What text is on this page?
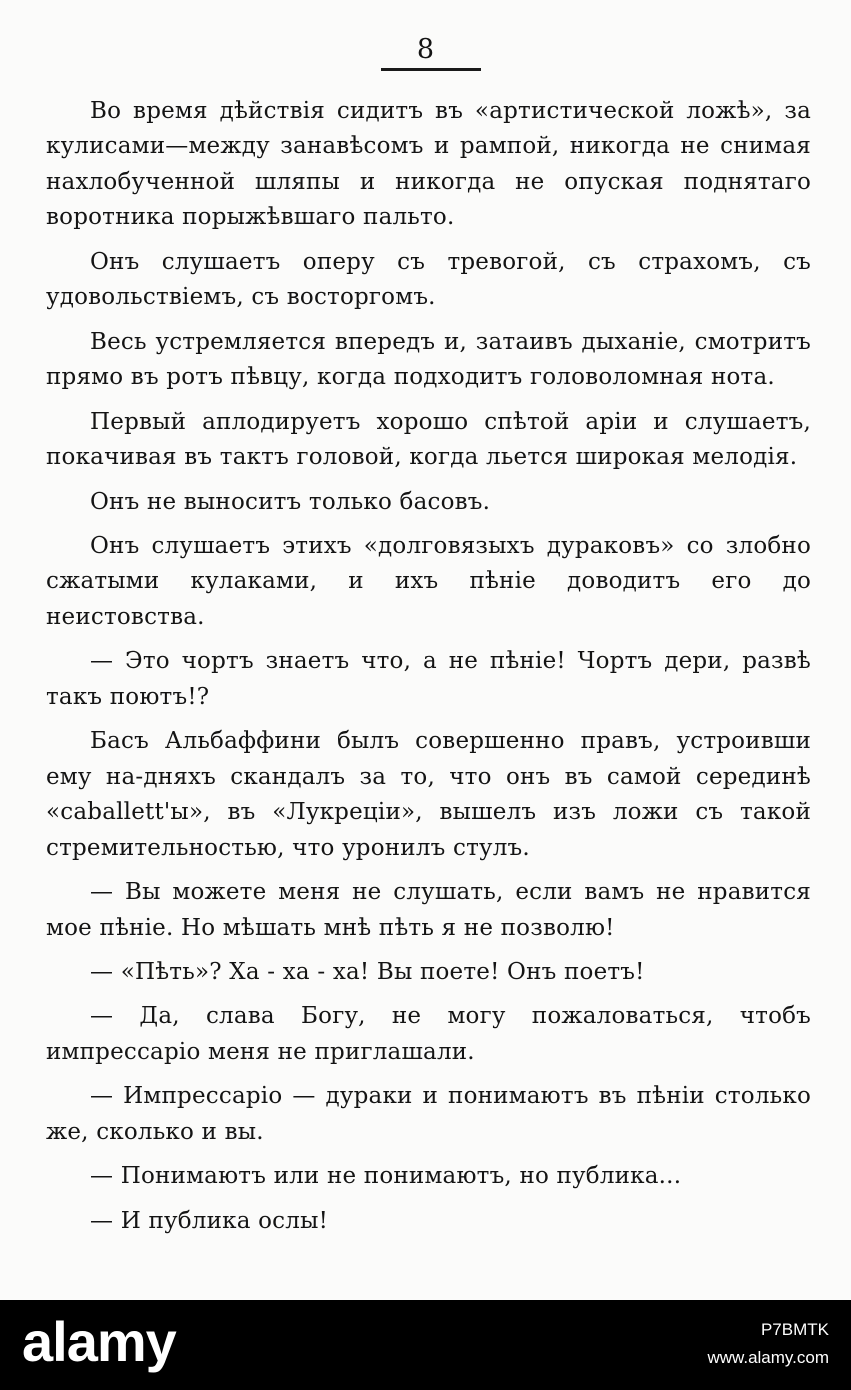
8

Во время дѣйствія сидитъ въ «артистической ложѣ», за кулисами—между занавѣсомъ и рампой, никогда не снимая нахлобученной шляпы и никогда не опуская поднятаго воротника порыжѣвшаго пальто.

Онъ слушаетъ оперу съ тревогой, съ страхомъ, съ удовольствіемъ, съ восторгомъ.

Весь устремляется впередъ и, затаивъ дыханіе, смотритъ прямо въ ротъ пѣвцу, когда подходитъ головоломная нота.

Первый аплодируетъ хорошо спѣтой аріи и слушаетъ, покачивая въ тактъ головой, когда льется широкая мелодія.

Онъ не выноситъ только басовъ.

Онъ слушаетъ этихъ «долговязыхъ дураковъ» со злобно сжатыми кулаками, и ихъ пѣніе доводитъ его до неистовства.

— Это чортъ знаетъ что, а не пѣніе! Чортъ дери, развѣ такъ поютъ!?

Басъ Альбаффини былъ совершенно правъ, устроивши ему на-дняхъ скандалъ за то, что онъ въ самой серединѣ «caballett'ы», въ «Лукреціи», вышелъ изъ ложи съ такой стремительностью, что уронилъ стулъ.

— Вы можете меня не слушать, если вамъ не нравится мое пѣніе. Но мѣшать мнѣ пѣть я не позволю!

— «Пѣть»? Ха - ха - ха! Вы поете! Онъ поетъ!

— Да, слава Богу, не могу пожаловаться, чтобъ импрессаріо меня не приглашали.

— Импрессаріо — дураки и понимаютъ въ пѣніи столько же, сколько и вы.

— Понимаютъ или не понимаютъ, но публика...

— И публика ослы!

alamy	P7BMTK
www.alamy.com
